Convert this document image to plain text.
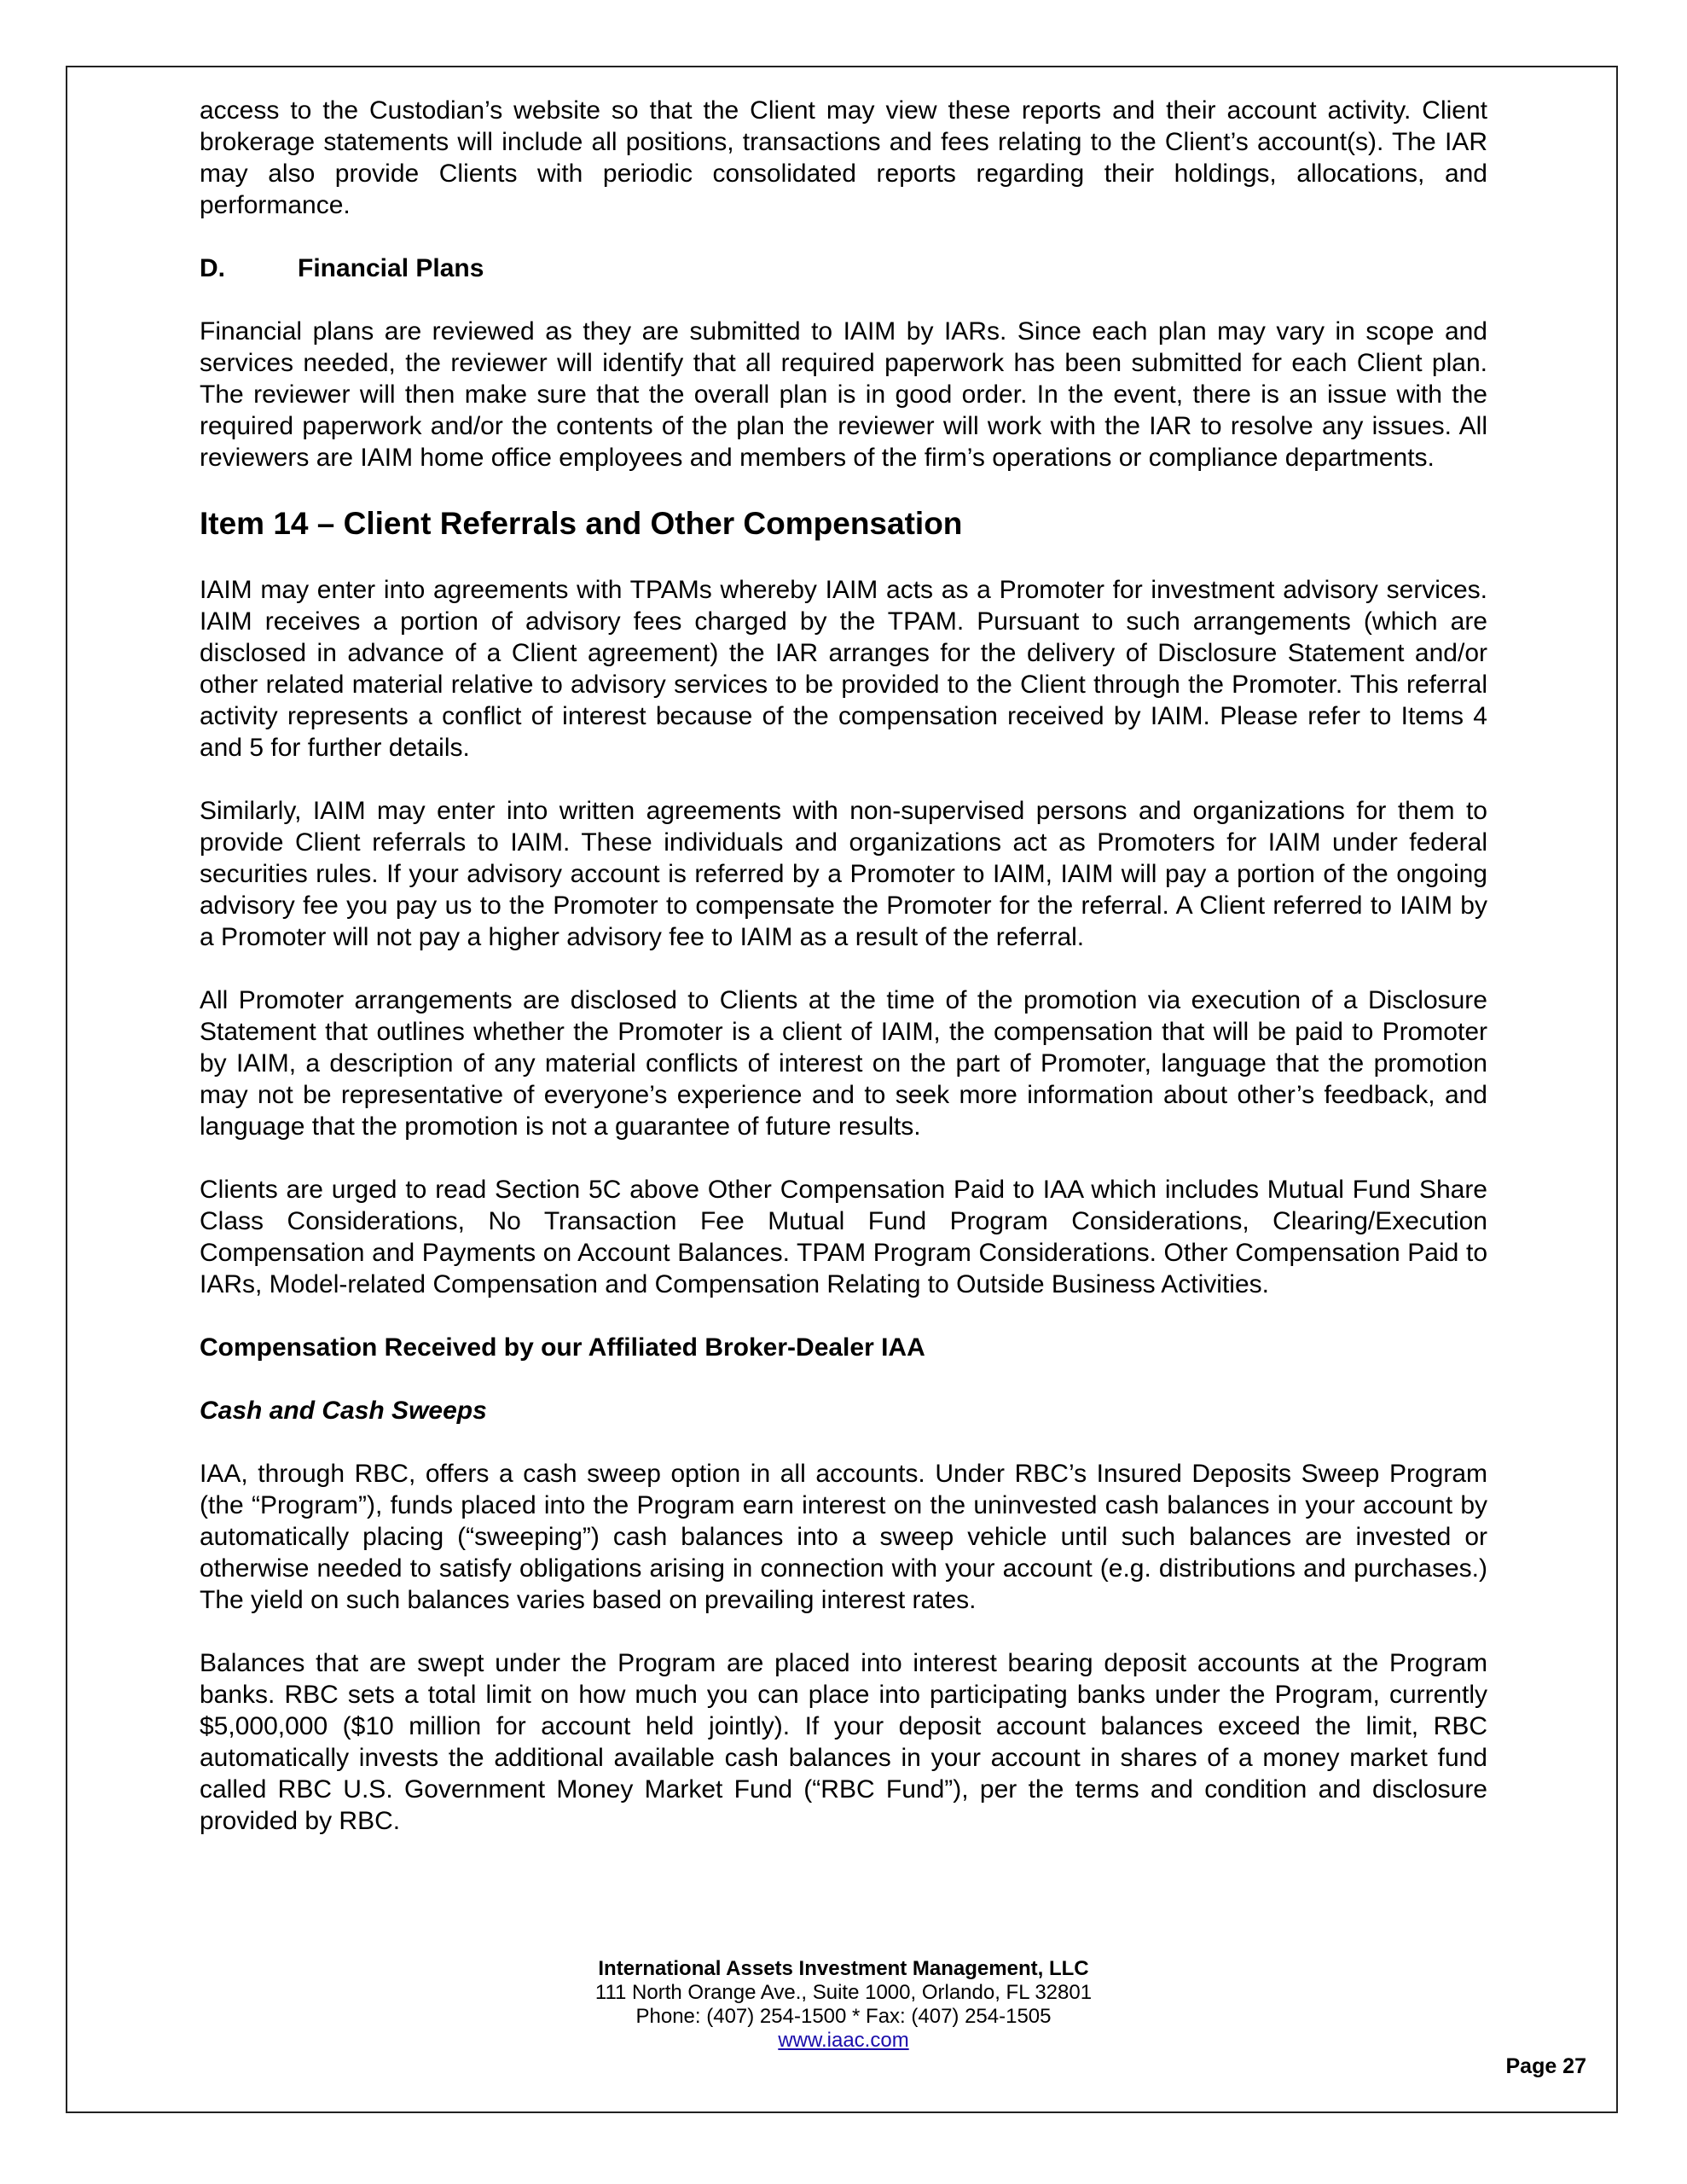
access to the Custodian’s website so that the Client may view these reports and their account activity. Client brokerage statements will include all positions, transactions and fees relating to the Client’s account(s). The IAR may also provide Clients with periodic consolidated reports regarding their holdings, allocations, and performance.

D.	Financial Plans

Financial plans are reviewed as they are submitted to IAIM by IARs. Since each plan may vary in scope and services needed, the reviewer will identify that all required paperwork has been submitted for each Client plan. The reviewer will then make sure that the overall plan is in good order. In the event, there is an issue with the required paperwork and/or the contents of the plan the reviewer will work with the IAR to resolve any issues. All reviewers are IAIM home office employees and members of the firm’s operations or compliance departments.

Item 14 – Client Referrals and Other Compensation

IAIM may enter into agreements with TPAMs whereby IAIM acts as a Promoter for investment advisory services. IAIM receives a portion of advisory fees charged by the TPAM. Pursuant to such arrangements (which are disclosed in advance of a Client agreement) the IAR arranges for the delivery of Disclosure Statement and/or other related material relative to advisory services to be provided to the Client through the Promoter. This referral activity represents a conflict of interest because of the compensation received by IAIM. Please refer to Items 4 and 5 for further details.

Similarly, IAIM may enter into written agreements with non-supervised persons and organizations for them to provide Client referrals to IAIM. These individuals and organizations act as Promoters for IAIM under federal securities rules. If your advisory account is referred by a Promoter to IAIM, IAIM will pay a portion of the ongoing advisory fee you pay us to the Promoter to compensate the Promoter for the referral. A Client referred to IAIM by a Promoter will not pay a higher advisory fee to IAIM as a result of the referral.

All Promoter arrangements are disclosed to Clients at the time of the promotion via execution of a Disclosure Statement that outlines whether the Promoter is a client of IAIM, the compensation that will be paid to Promoter by IAIM, a description of any material conflicts of interest on the part of Promoter, language that the promotion may not be representative of everyone’s experience and to seek more information about other’s feedback, and language that the promotion is not a guarantee of future results.

Clients are urged to read Section 5C above Other Compensation Paid to IAA which includes Mutual Fund Share Class Considerations, No Transaction Fee Mutual Fund Program Considerations, Clearing/Execution Compensation and Payments on Account Balances. TPAM Program Considerations. Other Compensation Paid to IARs, Model-related Compensation and Compensation Relating to Outside Business Activities.

Compensation Received by our Affiliated Broker-Dealer IAA
Cash and Cash Sweeps

IAA, through RBC, offers a cash sweep option in all accounts. Under RBC’s Insured Deposits Sweep Program (the “Program”), funds placed into the Program earn interest on the uninvested cash balances in your account by automatically placing (“sweeping”) cash balances into a sweep vehicle until such balances are invested or otherwise needed to satisfy obligations arising in connection with your account (e.g. distributions and purchases.) The yield on such balances varies based on prevailing interest rates.

Balances that are swept under the Program are placed into interest bearing deposit accounts at the Program banks. RBC sets a total limit on how much you can place into participating banks under the Program, currently $5,000,000 ($10 million for account held jointly). If your deposit account balances exceed the limit, RBC automatically invests the additional available cash balances in your account in shares of a money market fund called RBC U.S. Government Money Market Fund (“RBC Fund”), per the terms and condition and disclosure provided by RBC.

International Assets Investment Management, LLC
111 North Orange Ave., Suite 1000, Orlando, FL 32801
Phone: (407) 254-1500 * Fax: (407) 254-1505
www.iaac.com
Page 27
